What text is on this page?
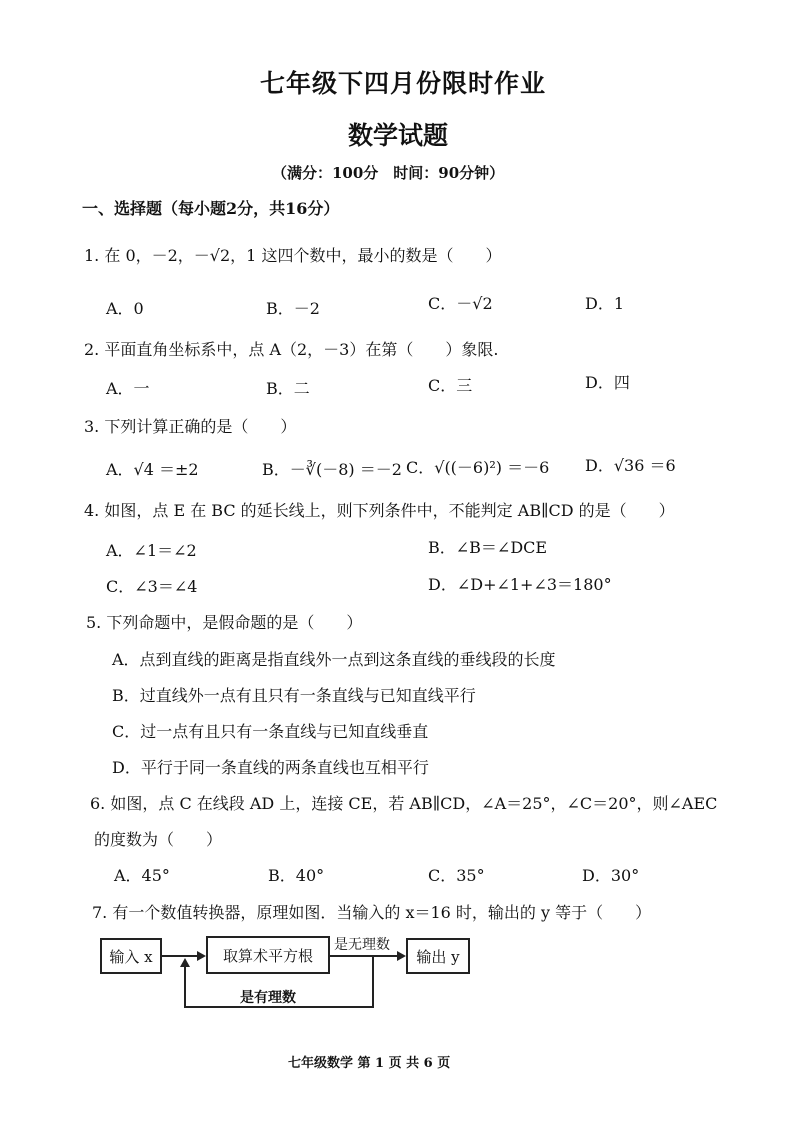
七年级下四月份限时作业
数学试题
（满分：100分　时间：90分钟）
一、选择题（每小题2分，共16分）
1. 在 0，－2，－√2，1 这四个数中，最小的数是（　　）
A．0	B．－2	C．－√2	D．1
2. 平面直角坐标系中，点 A（2，－3）在第（　　）象限.
A．一	B．二	C．三	D．四
3. 下列计算正确的是（　　）
A．√4 ＝±2	B．－∛(－8) ＝－2 C．√((－6)²) ＝－6 D．√36 ＝6
4. 如图，点 E 在 BC 的延长线上，则下列条件中，不能判定 AB∥CD 的是（　　）
A．∠1＝∠2	B．∠B＝∠DCE
C．∠3＝∠4	D．∠D+∠1+∠3＝180°
5. 下列命题中，是假命题的是（　　）
A．点到直线的距离是指直线外一点到这条直线的垂线段的长度
B．过直线外一点有且只有一条直线与已知直线平行
C．过一点有且只有一条直线与已知直线垂直
D．平行于同一条直线的两条直线也互相平行
6. 如图，点 C 在线段 AD 上，连接 CE，若 AB∥CD，∠A＝25°，∠C＝20°，则∠AEC
的度数为（　　）
A．45°	B．40°	C．35°	D．30°
7. 有一个数值转换器，原理如图．当输入的 x＝16 时，输出的 y 等于（　　）
输入 x	取算术平方根
是无理数
输出 y
是有理数
七年级数学 第 1 页 共 6 页
